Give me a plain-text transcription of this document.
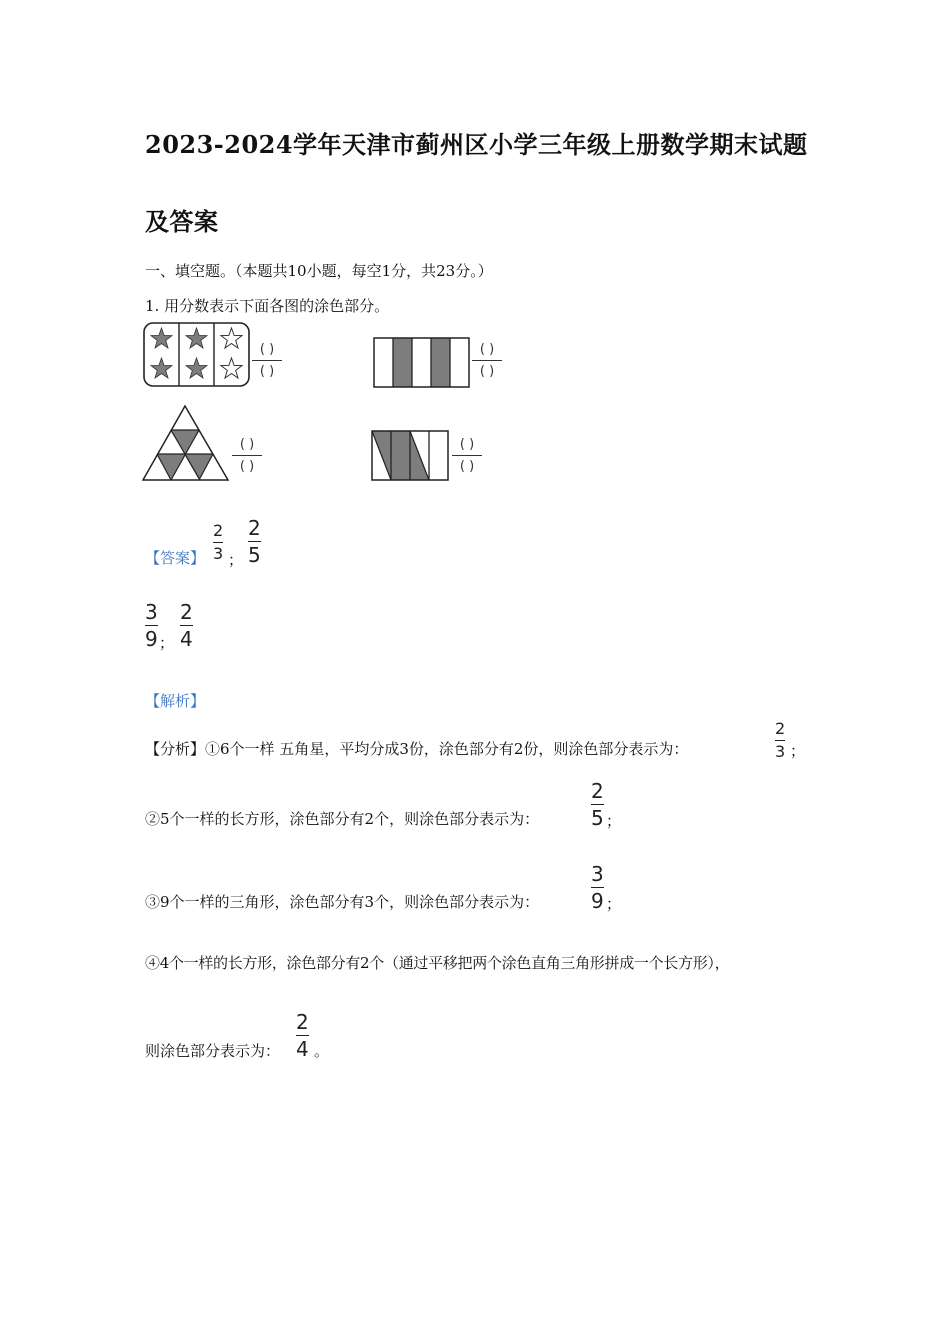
2023-2024学年天津市蓟州区小学三年级上册数学期末试题
及答案
一、填空题。（本题共10小题，每空1分，共23分。）
1. 用分数表示下面各图的涂色部分。
( )
( )
( )
( )
( )
( )
( )
( )
【答案】
2
3 ；
2
5
3
9 ；
2
4
【解析】
【分析】①6个一样 五角星，平均分成3份，涂色部分有2份，则涂色部分表示为：
2
3 ；
②5个一样的长方形，涂色部分有2个，则涂色部分表示为：
2
5 ；
③9个一样的三角形，涂色部分有3个，则涂色部分表示为：
3
9 ；
④4个一样的长方形，涂色部分有2个（通过平移把两个涂色直角三角形拼成一个长方形），
则涂色部分表示为：
2
4 。
